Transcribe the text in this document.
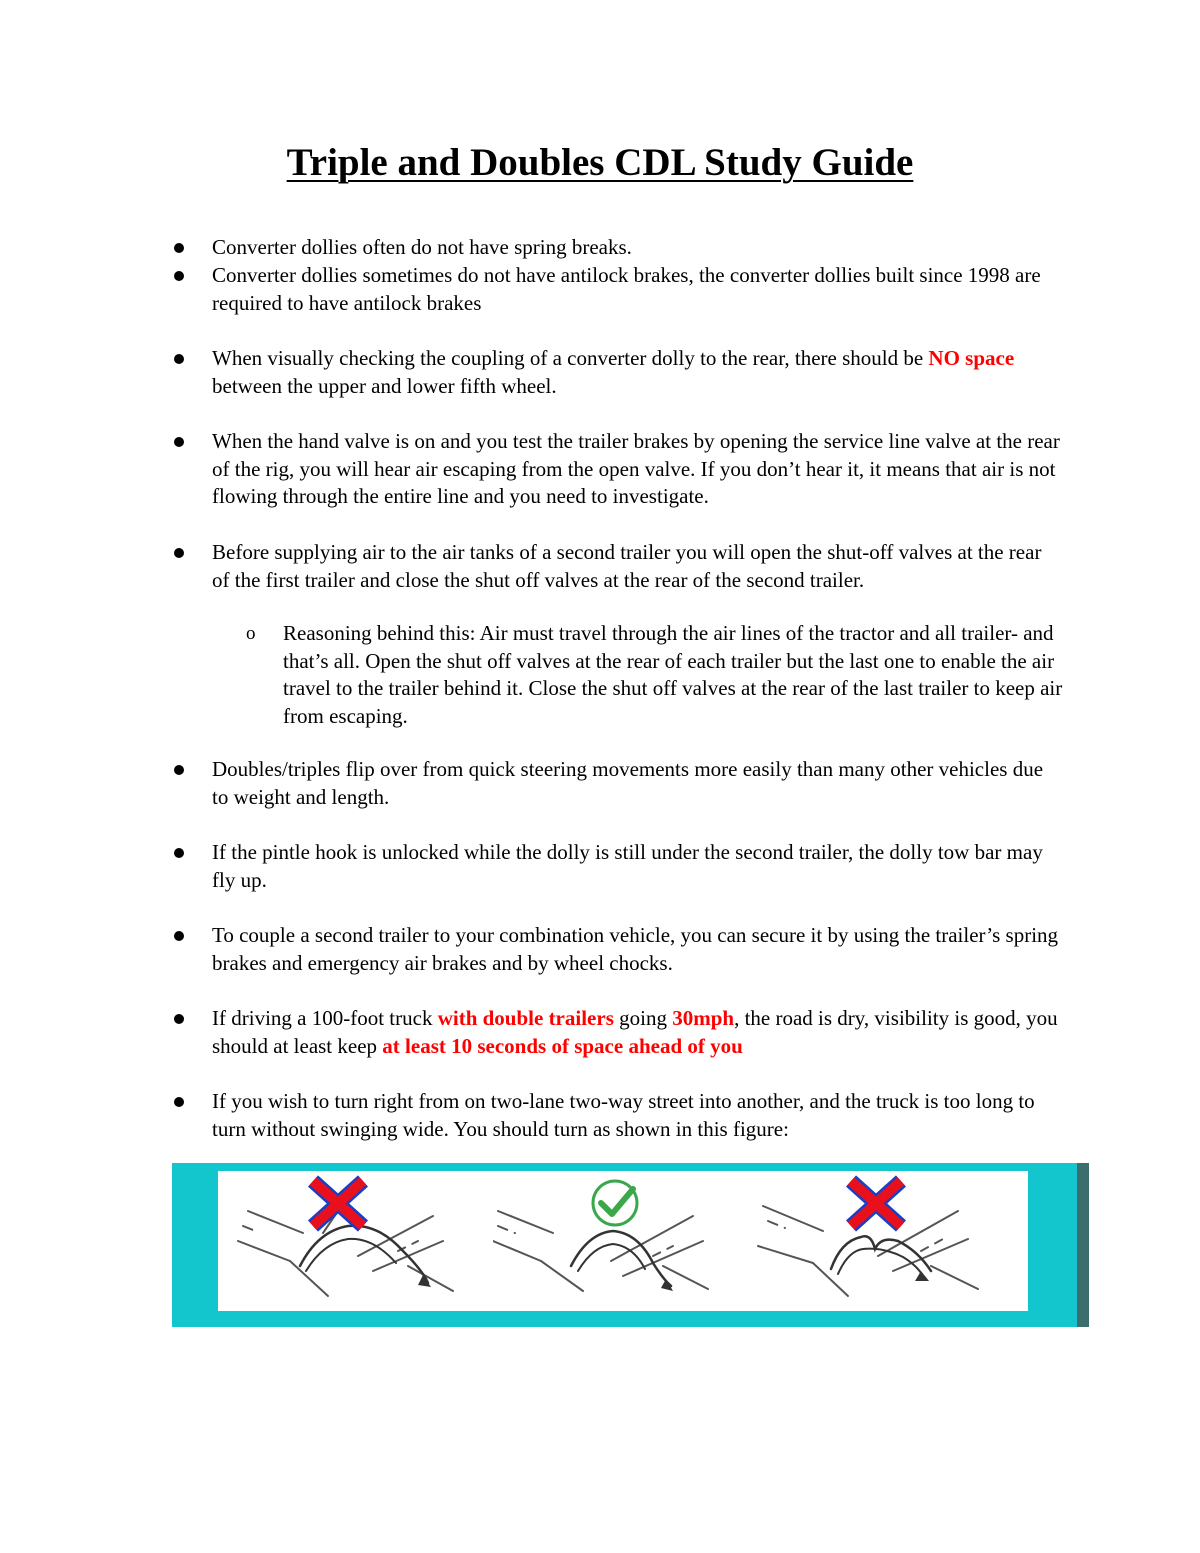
Triple and Doubles CDL Study Guide

Converter dollies often do not have spring breaks.

Converter dollies sometimes do not have antilock brakes, the converter dollies built since 1998 are required to have antilock brakes

When visually checking the coupling of a converter dolly to the rear, there should be NO space between the upper and lower fifth wheel.

When the hand valve is on and you test the trailer brakes by opening the service line valve at the rear of the rig, you will hear air escaping from the open valve. If you don’t hear it, it means that air is not flowing through the entire line and you need to investigate.

Before supplying air to the air tanks of a second trailer you will open the shut-off valves at the rear of the first trailer and close the shut off valves at the rear of the second trailer.

o Reasoning behind this: Air must travel through the air lines of the tractor and all trailer- and that’s all. Open the shut off valves at the rear of each trailer but the last one to enable the air travel to the trailer behind it. Close the shut off valves at the rear of the last trailer to keep air from escaping.

Doubles/triples flip over from quick steering movements more easily than many other vehicles due to weight and length.

If the pintle hook is unlocked while the dolly is still under the second trailer, the dolly tow bar may fly up.

To couple a second trailer to your combination vehicle, you can secure it by using the trailer’s spring brakes and emergency air brakes and by wheel chocks.

If driving a 100-foot truck with double trailers going 30mph, the road is dry, visibility is good, you should at least keep at least 10 seconds of space ahead of you

If you wish to turn right from on two-lane two-way street into another, and the truck is too long to turn without swinging wide. You should turn as shown in this figure:
